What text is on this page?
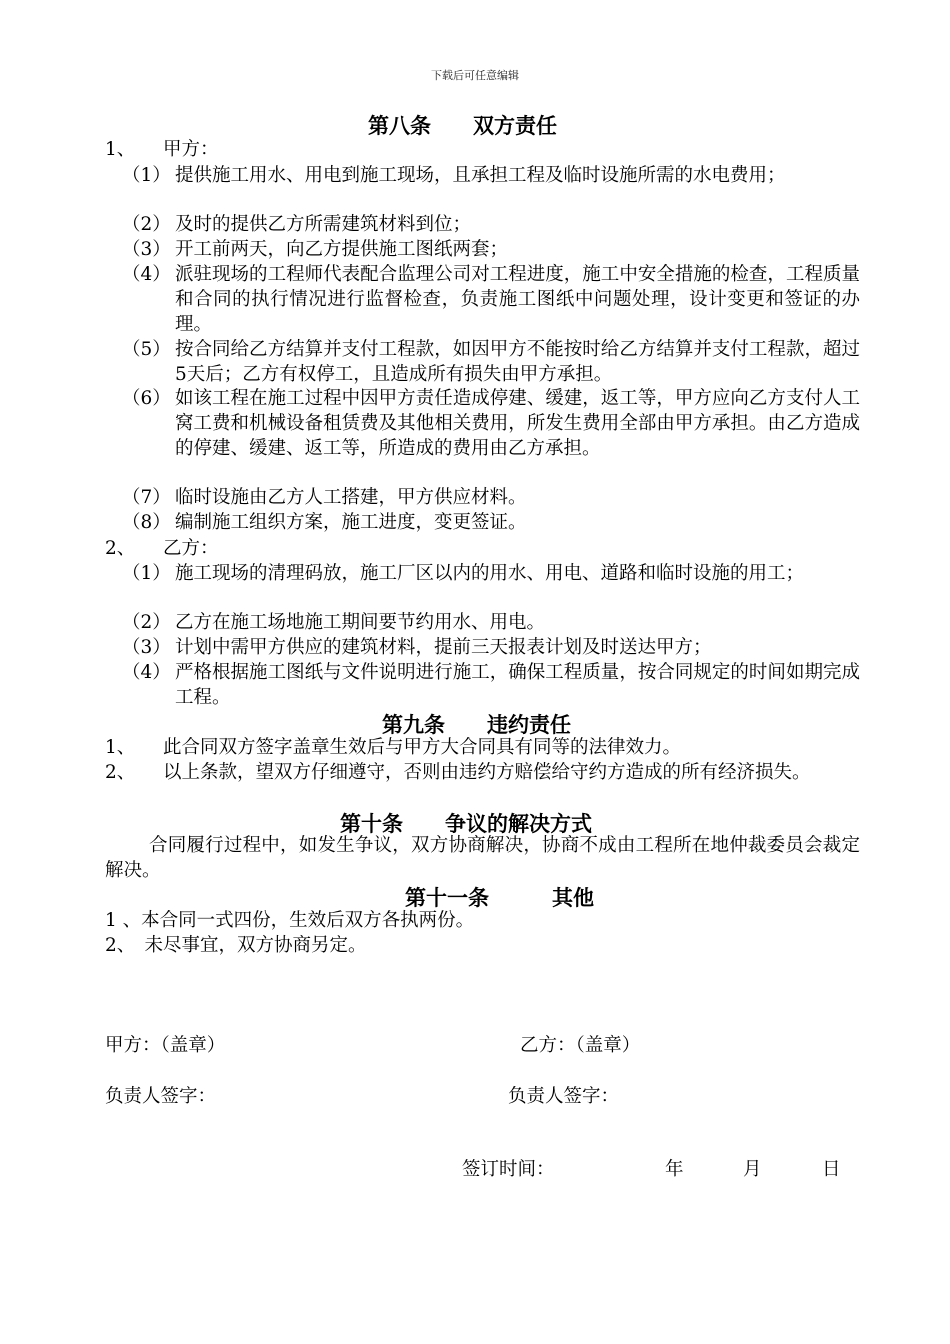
下载后可任意编辑
第八条　　双方责任
1、 甲方：
（1） 提供施工用水、用电到施工现场，且承担工程及临时设施所需的水电费用；
（2） 及时的提供乙方所需建筑材料到位；
（3） 开工前两天，向乙方提供施工图纸两套；
（4） 派驻现场的工程师代表配合监理公司对工程进度，施工中安全措施的检查，工程质量和合同的执行情况进行监督检查，负责施工图纸中问题处理，设计变更和签证的办理。
（5） 按合同给乙方结算并支付工程款，如因甲方不能按时给乙方结算并支付工程款，超过5天后；乙方有权停工，且造成所有损失由甲方承担。
（6） 如该工程在施工过程中因甲方责任造成停建、缓建，返工等，甲方应向乙方支付人工窝工费和机械设备租赁费及其他相关费用，所发生费用全部由甲方承担。由乙方造成的停建、缓建、返工等，所造成的费用由乙方承担。
（7） 临时设施由乙方人工搭建，甲方供应材料。
（8） 编制施工组织方案，施工进度，变更签证。
2、 乙方：
（1） 施工现场的清理码放，施工厂区以内的用水、用电、道路和临时设施的用工；
（2） 乙方在施工场地施工期间要节约用水、用电。
（3） 计划中需甲方供应的建筑材料，提前三天报表计划及时送达甲方；
（4） 严格根据施工图纸与文件说明进行施工，确保工程质量，按合同规定的时间如期完成工程。
第九条　　违约责任
1、 此合同双方签字盖章生效后与甲方大合同具有同等的法律效力。
2、 以上条款，望双方仔细遵守，否则由违约方赔偿给守约方造成的所有经济损失。
第十条　　争议的解决方式
合同履行过程中，如发生争议，双方协商解决，协商不成由工程所在地仲裁委员会裁定解决。
第十一条　　　其他
1 、本合同一式四份，生效后双方各执两份。
2、　未尽事宜，双方协商另定。
甲方：（盖章）	乙方：（盖章）
负责人签字：	负责人签字：
签订时间：	年	月	日
